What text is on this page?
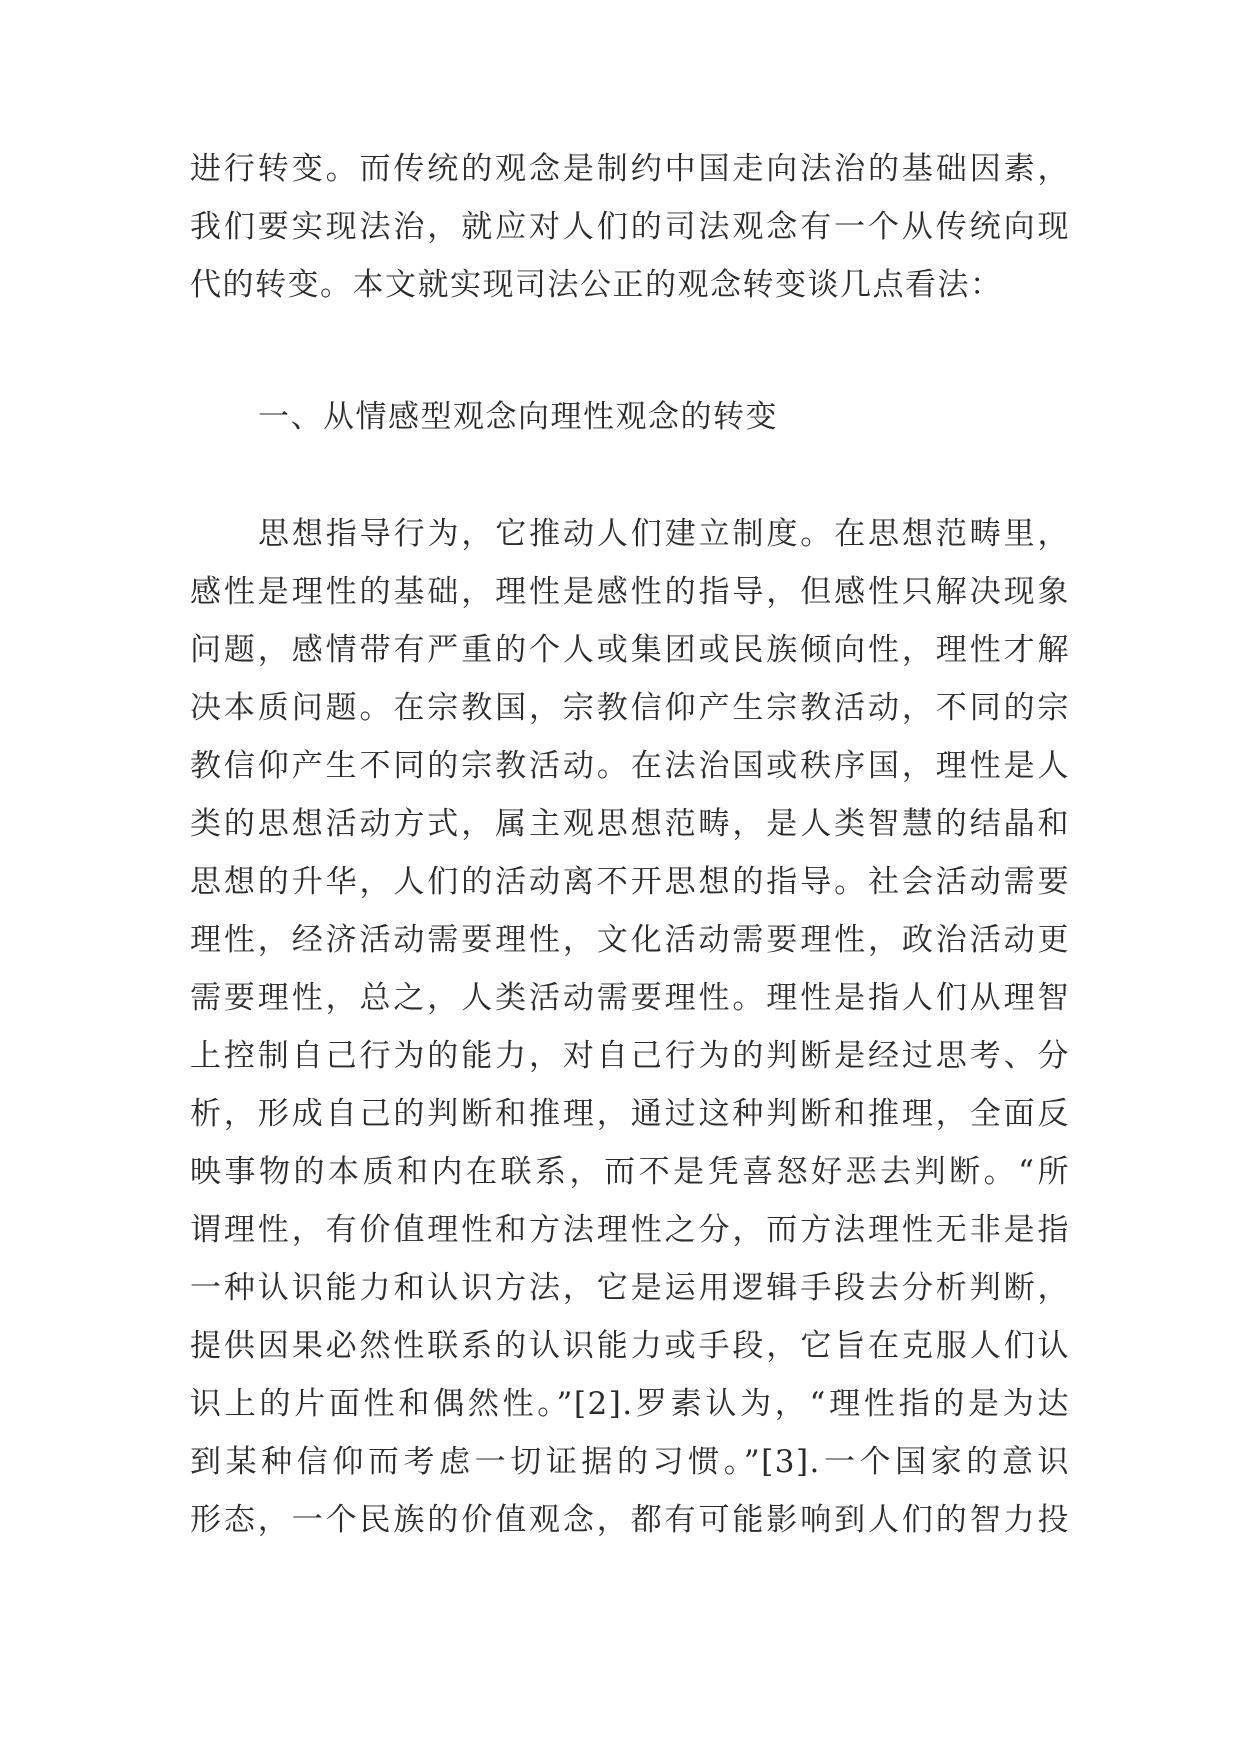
进行转变。而传统的观念是制约中国走向法治的基础因素，
我们要实现法治，就应对人们的司法观念有一个从传统向现
代的转变。本文就实现司法公正的观念转变谈几点看法：
一、从情感型观念向理性观念的转变
思想指导行为，它推动人们建立制度。在思想范畴里，
感性是理性的基础，理性是感性的指导，但感性只解决现象
问题，感情带有严重的个人或集团或民族倾向性，理性才解
决本质问题。在宗教国，宗教信仰产生宗教活动，不同的宗
教信仰产生不同的宗教活动。在法治国或秩序国，理性是人
类的思想活动方式，属主观思想范畴，是人类智慧的结晶和
思想的升华，人们的活动离不开思想的指导。社会活动需要
理性，经济活动需要理性，文化活动需要理性，政治活动更
需要理性，总之，人类活动需要理性。理性是指人们从理智
上控制自己行为的能力，对自己行为的判断是经过思考、分
析，形成自己的判断和推理，通过这种判断和推理，全面反
映事物的本质和内在联系，而不是凭喜怒好恶去判断。“所
谓理性，有价值理性和方法理性之分，而方法理性无非是指
一种认识能力和认识方法，它是运用逻辑手段去分析判断，
提供因果必然性联系的认识能力或手段，它旨在克服人们认
识上的片面性和偶然性。”[2].罗素认为，“理性指的是为达
到某种信仰而考虑一切证据的习惯。”[3].一个国家的意识
形态，一个民族的价值观念，都有可能影响到人们的智力投
